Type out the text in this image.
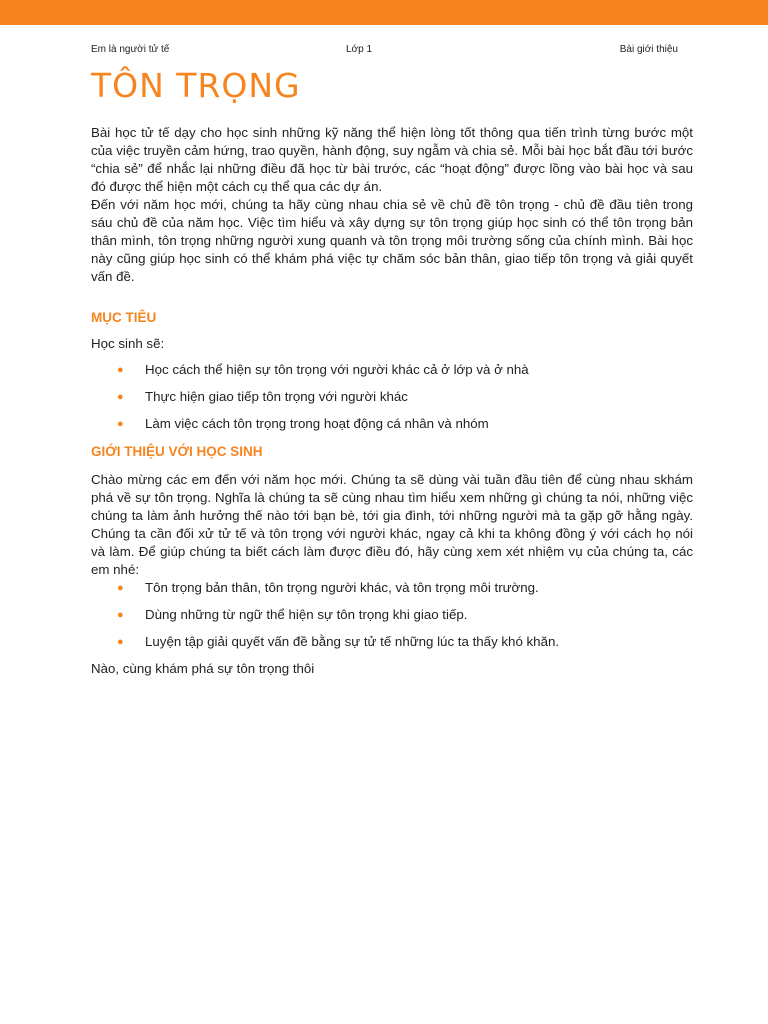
Em là người tử tế	Lớp 1	Bài giới thiệu
TÔN TRỌNG

Bài học tử tế dạy cho học sinh những kỹ năng thể hiện lòng tốt thông qua tiến trình từng bước một của việc truyền cảm hứng, trao quyền, hành động, suy ngẫm và chia sẻ. Mỗi bài học bắt đầu tới bước “chia sẻ” để nhắc lại những điều đã học từ bài trước, các “hoạt động” được lồng vào bài học và sau đó được thể hiện một cách cụ thể qua các dự án.

Đến với năm học mới, chúng ta hãy cùng nhau chia sẻ về chủ đề tôn trọng - chủ đề đầu tiên trong sáu chủ đề của năm học. Việc tìm hiểu và xây dựng sự tôn trọng giúp học sinh có thể tôn trọng bản thân mình, tôn trọng những người xung quanh và tôn trọng môi trường sống của chính mình. Bài học này cũng giúp học sinh có thể khám phá việc tự chăm sóc bản thân, giao tiếp tôn trọng và giải quyết vấn đề.

MỤC TIÊU

Học sinh sẽ:

● Học cách thể hiện sự tôn trọng với người khác cả ở lớp và ở nhà
● Thực hiện giao tiếp tôn trọng với người khác
● Làm việc cách tôn trọng trong hoạt động cá nhân và nhóm
GIỚI THIỆU VỚI HỌC SINH

Chào mừng các em đến với năm học mới. Chúng ta sẽ dùng vài tuần đầu tiên để cùng nhau skhám phá về sự tôn trọng. Nghĩa là chúng ta sẽ cùng nhau tìm hiểu xem những gì chúng ta nói, những việc chúng ta làm ảnh hưởng thế nào tới bạn bè, tới gia đình, tới những người mà ta gặp gỡ hằng ngày. Chúng ta cần đối xử tử tế và tôn trọng với người khác, ngay cả khi ta không đồng ý với cách họ nói và làm. Để giúp chúng ta biết cách làm được điều đó, hãy cùng xem xét nhiệm vụ của chúng ta, các em nhé:

● Tôn trọng bản thân, tôn trọng người khác, và tôn trọng môi trường.
● Dùng những từ ngữ thể hiện sự tôn trọng khi giao tiếp.
● Luyện tập giải quyết vấn đề bằng sự tử tế những lúc ta thấy khó khăn.

Nào, cùng khám phá sự tôn trọng thôi
